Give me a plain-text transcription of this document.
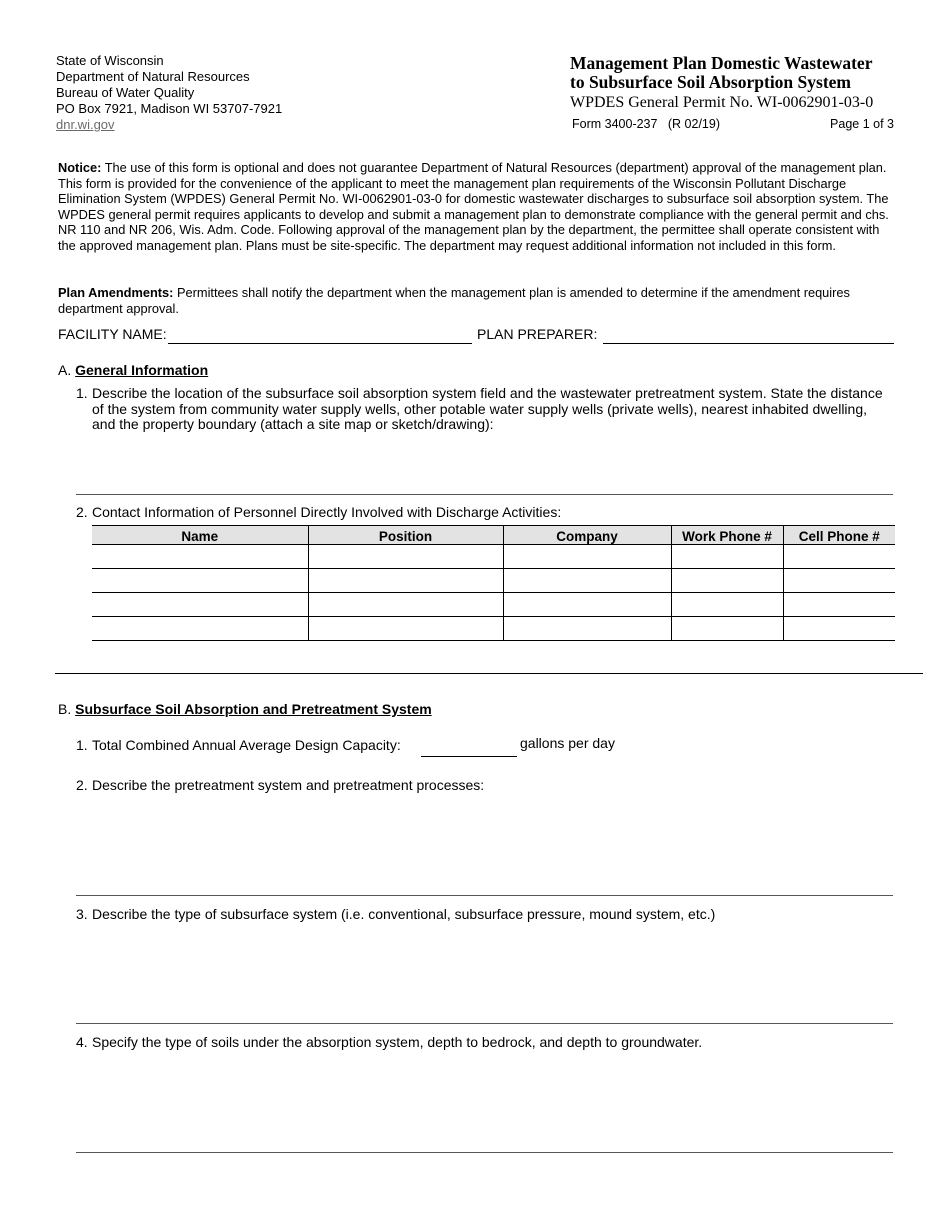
State of Wisconsin
Department of Natural Resources
Bureau of Water Quality
PO Box 7921, Madison WI 53707-7921
dnr.wi.gov
Management Plan Domestic Wastewater
to Subsurface Soil Absorption System
WPDES General Permit No. WI-0062901-03-0
Form 3400-237   (R 02/19)	Page 1 of 3
Notice: The use of this form is optional and does not guarantee Department of Natural Resources (department) approval of the management plan. This form is provided for the convenience of the applicant to meet the management plan requirements of the Wisconsin Pollutant Discharge Elimination System (WPDES) General Permit No. WI-0062901-03-0 for domestic wastewater discharges to subsurface soil absorption system. The WPDES general permit requires applicants to develop and submit a management plan to demonstrate compliance with the general permit and chs. NR 110 and NR 206, Wis. Adm. Code. Following approval of the management plan by the department, the permittee shall operate consistent with the approved management plan. Plans must be site-specific. The department may request additional information not included in this form.
Plan Amendments: Permittees shall notify the department when the management plan is amended to determine if the amendment requires department approval.
FACILITY NAME:	PLAN PREPARER:
A. General Information
1. Describe the location of the subsurface soil absorption system field and the wastewater pretreatment system. State the distance of the system from community water supply wells, other potable water supply wells (private wells), nearest inhabited dwelling, and the property boundary (attach a site map or sketch/drawing):
2. Contact Information of Personnel Directly Involved with Discharge Activities:
Name	Position	Company	Work Phone #	Cell Phone #

B. Subsurface Soil Absorption and Pretreatment System
1. Total Combined Annual Average Design Capacity:	gallons per day
2. Describe the pretreatment system and pretreatment processes:
3. Describe the type of subsurface system (i.e. conventional, subsurface pressure, mound system, etc.)
4. Specify the type of soils under the absorption system, depth to bedrock, and depth to groundwater.
